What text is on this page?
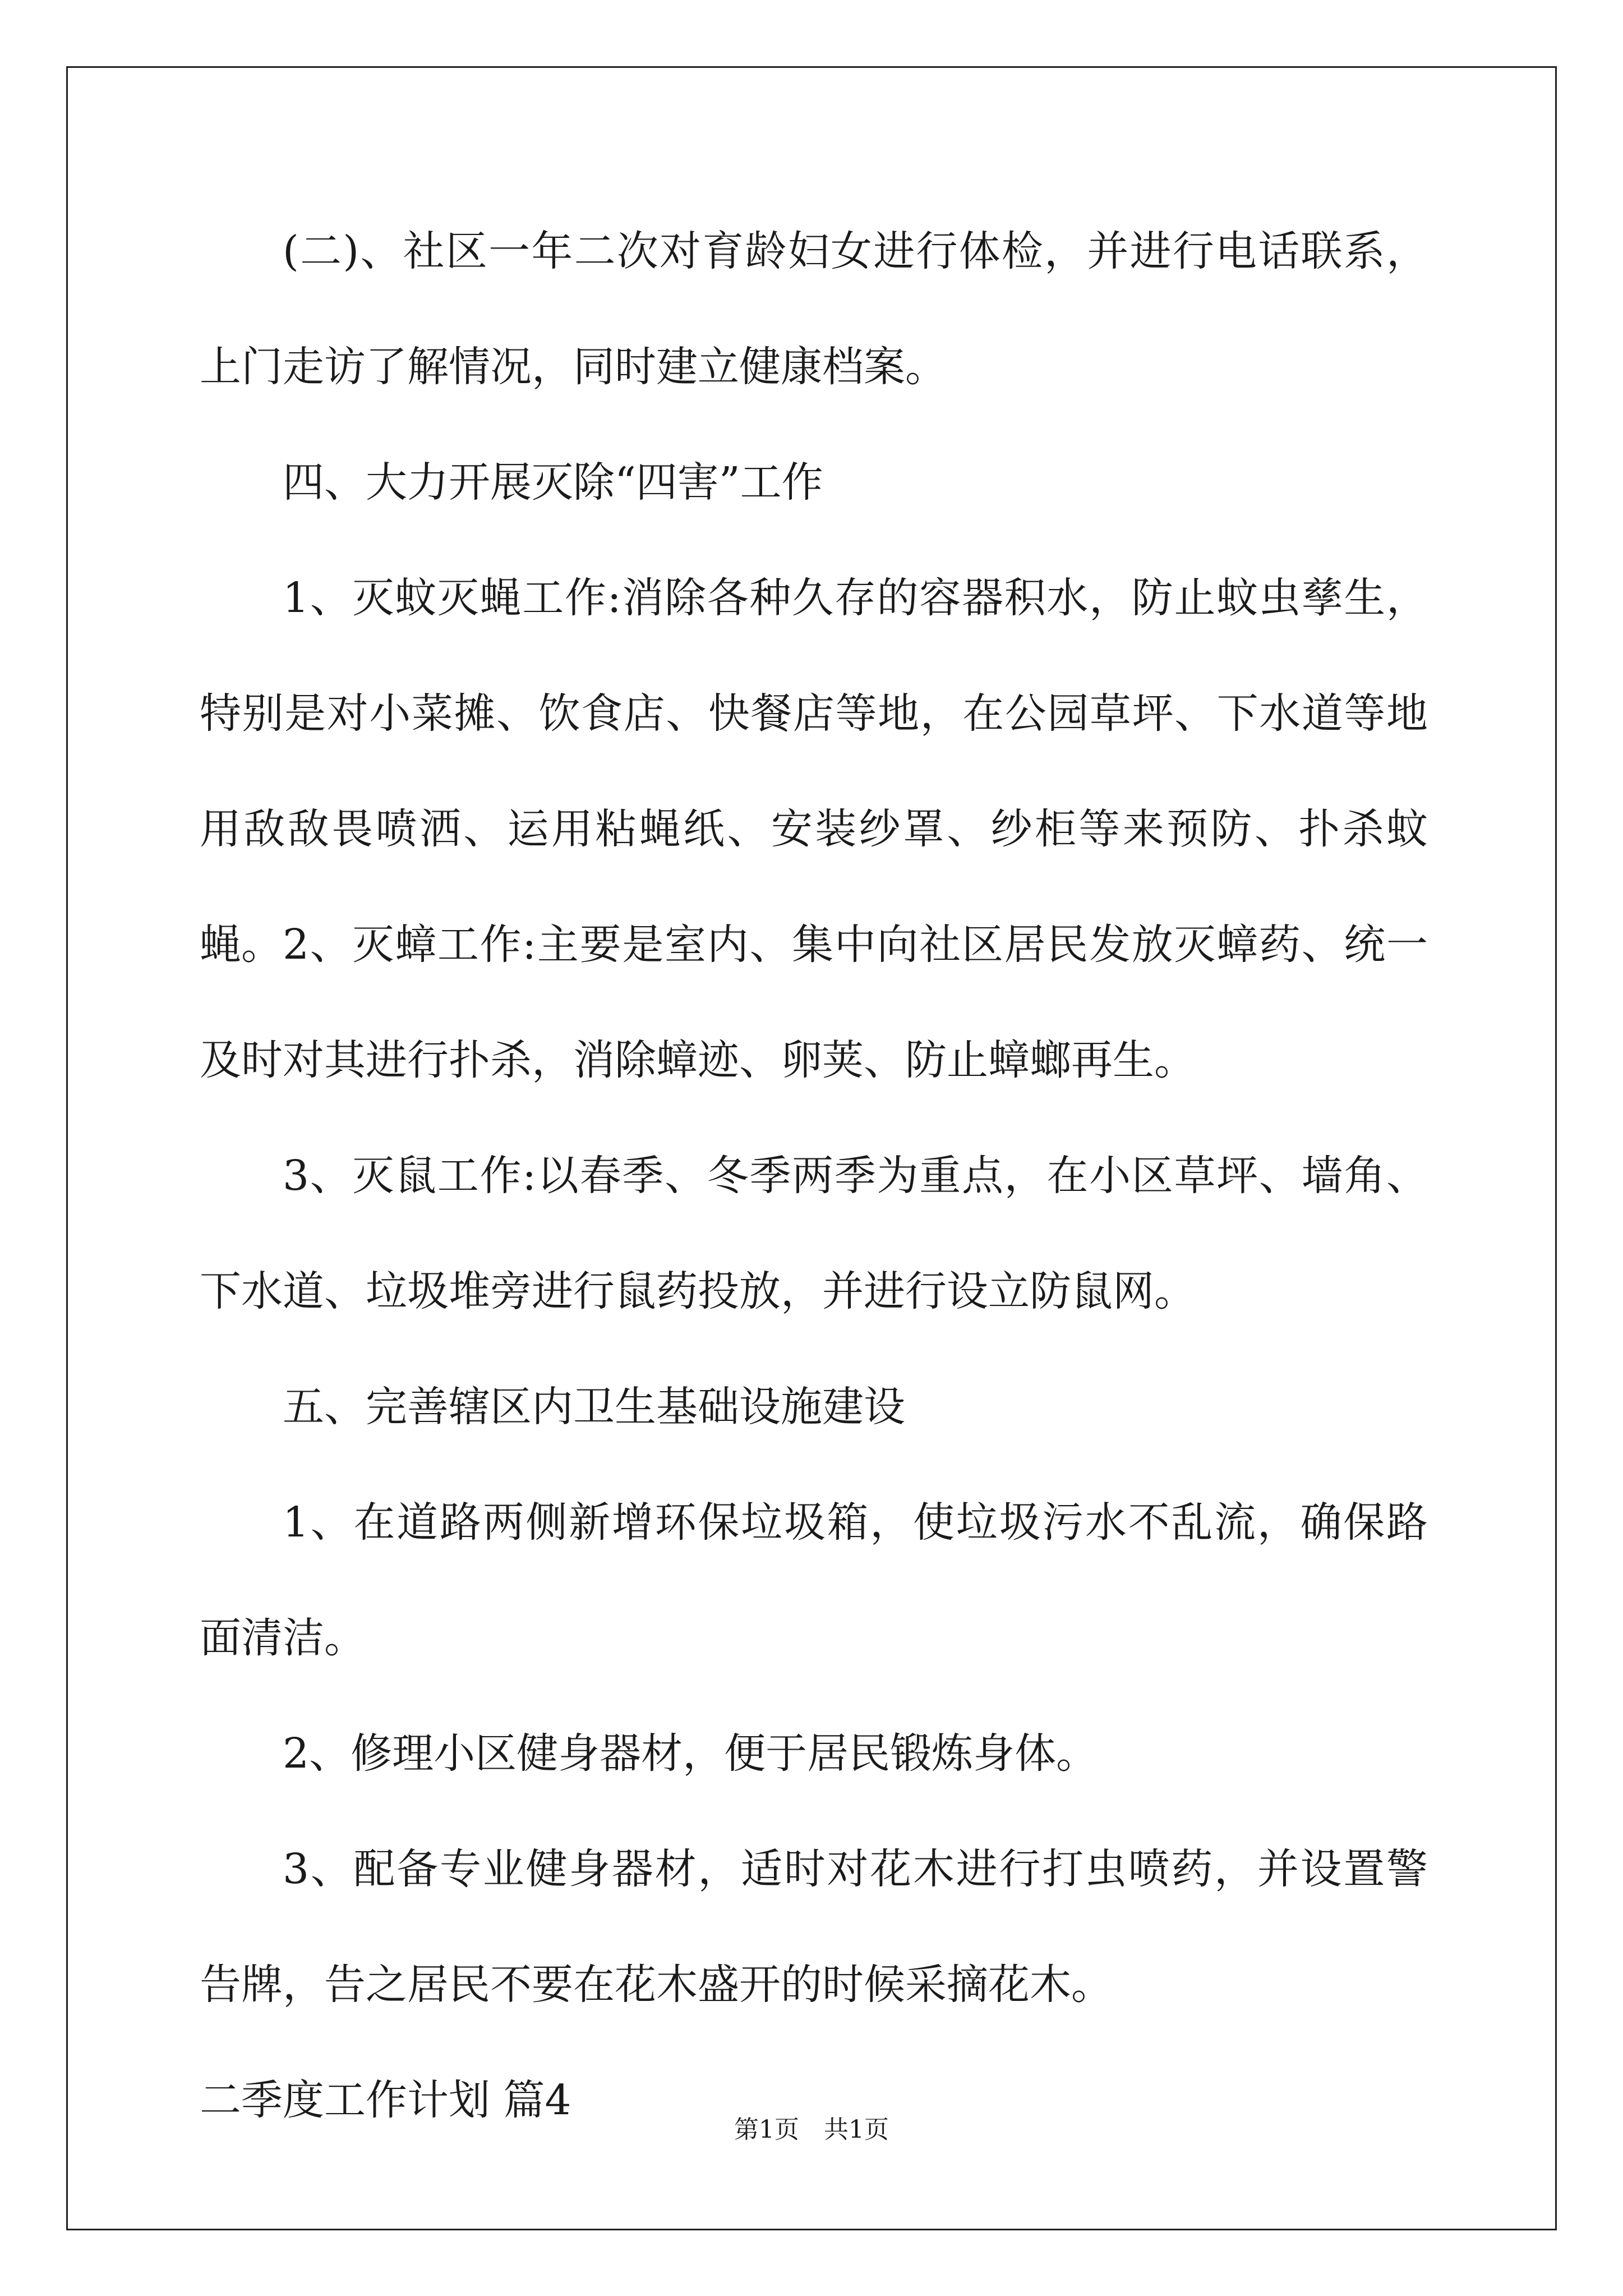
(二)、社区一年二次对育龄妇女进行体检，并进行电话联系，上门走访了解情况，同时建立健康档案。

四、大力开展灭除“四害”工作

1、灭蚊灭蝇工作:消除各种久存的容器积水，防止蚊虫孳生，特别是对小菜摊、饮食店、快餐店等地，在公园草坪、下水道等地用敌敌畏喷洒、运用粘蝇纸、安装纱罩、纱柜等来预防、扑杀蚊蝇。 2、灭蟑工作:主要是室内、集中向社区居民发放灭蟑药、统一及时对其进行扑杀，消除蟑迹、卵荚、防止蟑螂再生。

3、灭鼠工作:以春季、冬季两季为重点，在小区草坪、墙角、下水道、垃圾堆旁进行鼠药投放，并进行设立防鼠网。

五、完善辖区内卫生基础设施建设

1、在道路两侧新增环保垃圾箱，使垃圾污水不乱流，确保路面清洁。

2、修理小区健身器材，便于居民锻炼身体。

3、配备专业健身器材，适时对花木进行打虫喷药，并设置警告牌，告之居民不要在花木盛开的时候采摘花木。

二季度工作计划 篇4

第1页　共1页
